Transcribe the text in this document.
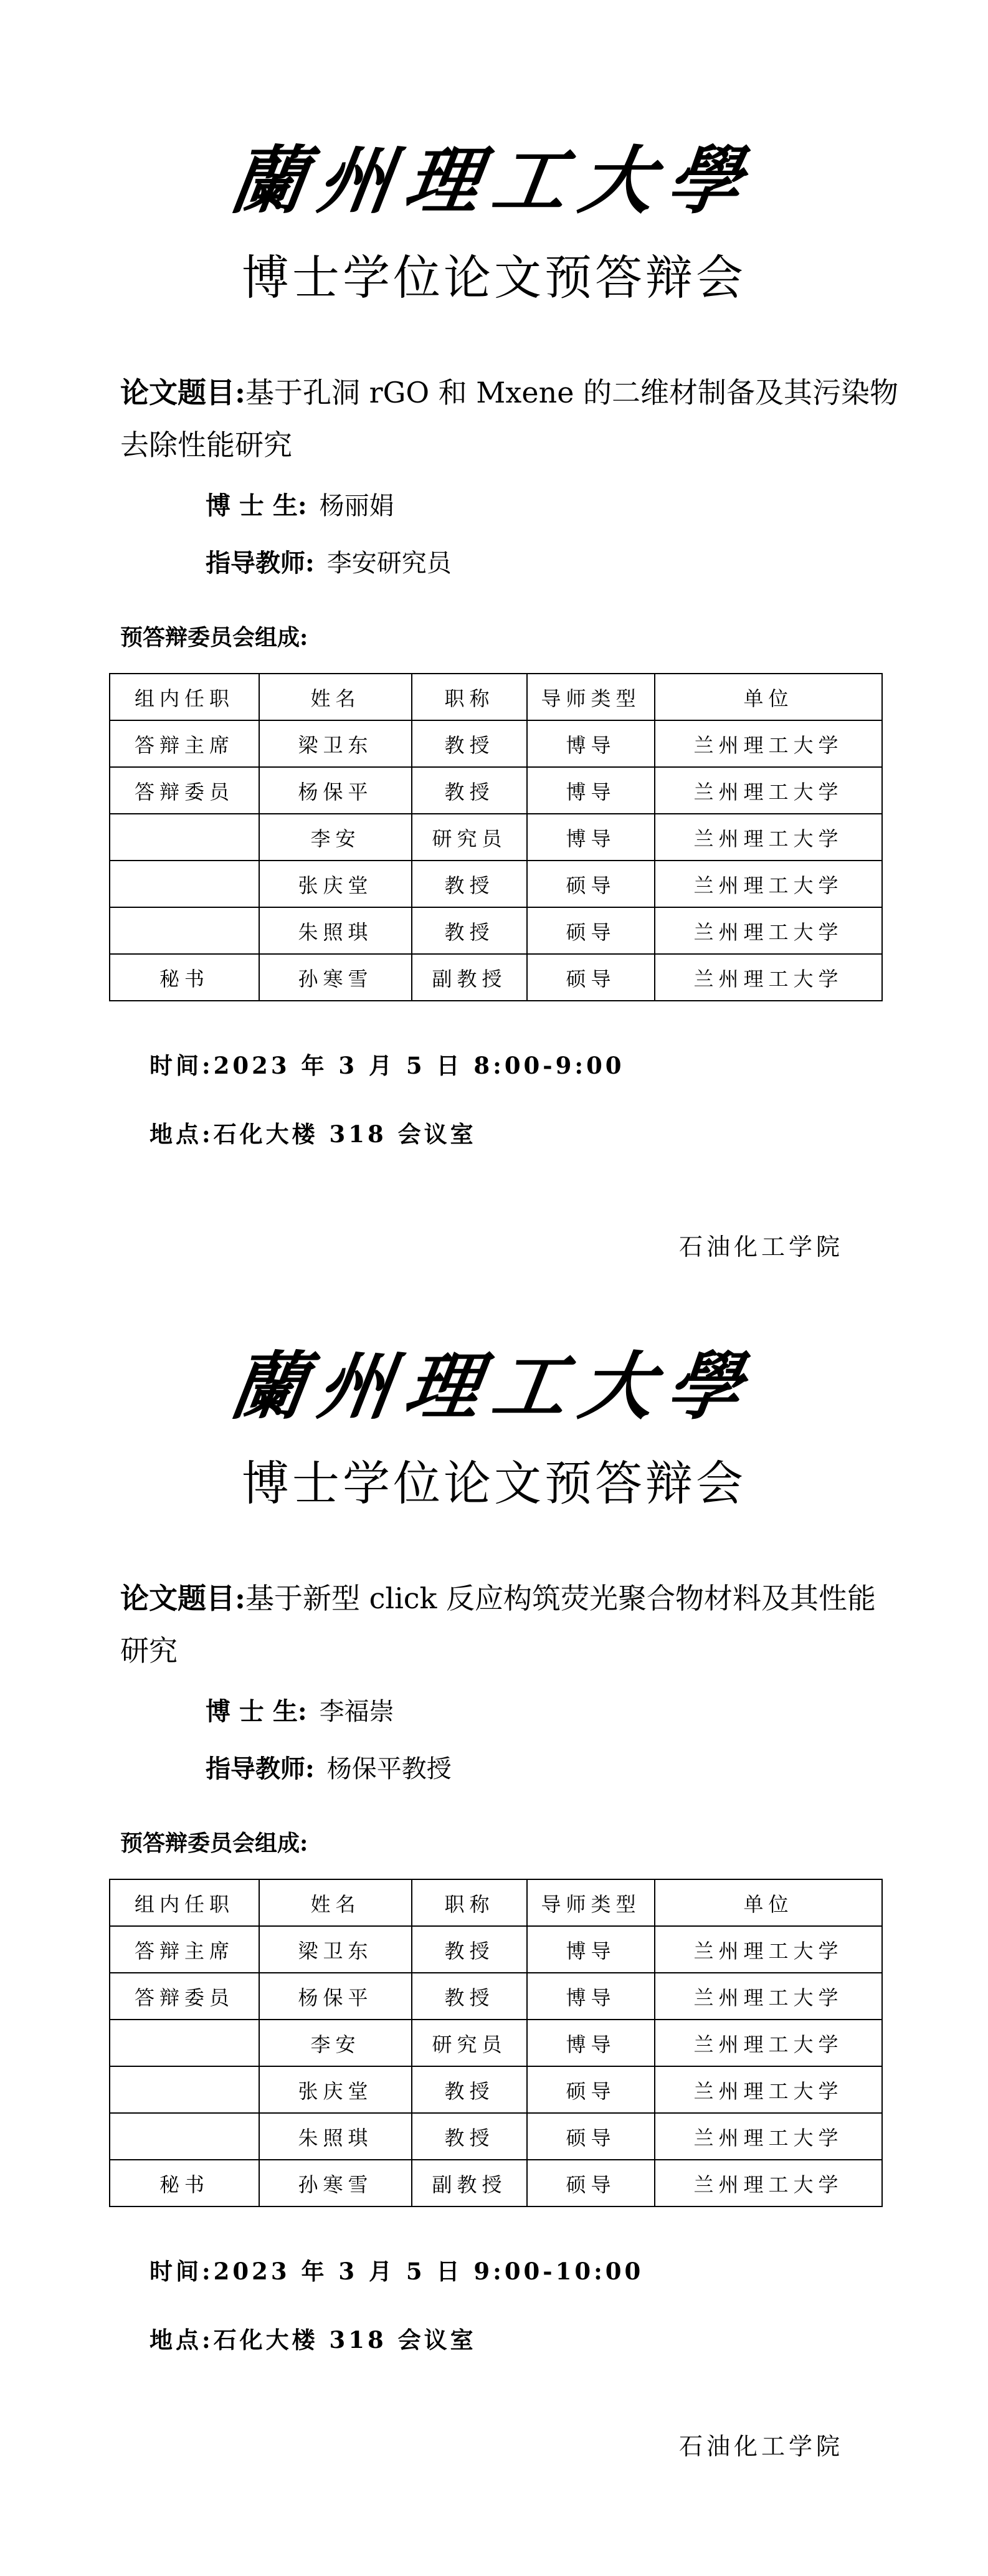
蘭州理工大學
博士学位论文预答辩会
论文题目:基于孔洞 rGO 和 Mxene 的二维材制备及其污染物去除性能研究
博 士 生: 杨丽娟
指导教师: 李安研究员
预答辩委员会组成:
组内任职	姓名	职称	导师类型	单位
答辩主席	梁卫东	教授	博导	兰州理工大学
答辩委员	杨保平	教授	博导	兰州理工大学
	李安	研究员	博导	兰州理工大学
	张庆堂	教授	硕导	兰州理工大学
	朱照琪	教授	硕导	兰州理工大学
秘书	孙寒雪	副教授	硕导	兰州理工大学
时间:2023 年 3 月 5 日 8:00-9:00
地点:石化大楼 318 会议室
石油化工学院
蘭州理工大學
博士学位论文预答辩会
论文题目:基于新型 click 反应构筑荧光聚合物材料及其性能研究
博 士 生: 李福崇
指导教师: 杨保平教授
预答辩委员会组成:
组内任职	姓名	职称	导师类型	单位
答辩主席	梁卫东	教授	博导	兰州理工大学
答辩委员	杨保平	教授	博导	兰州理工大学
	李安	研究员	博导	兰州理工大学
	张庆堂	教授	硕导	兰州理工大学
	朱照琪	教授	硕导	兰州理工大学
秘书	孙寒雪	副教授	硕导	兰州理工大学
时间:2023 年 3 月 5 日 9:00-10:00
地点:石化大楼 318 会议室
石油化工学院
